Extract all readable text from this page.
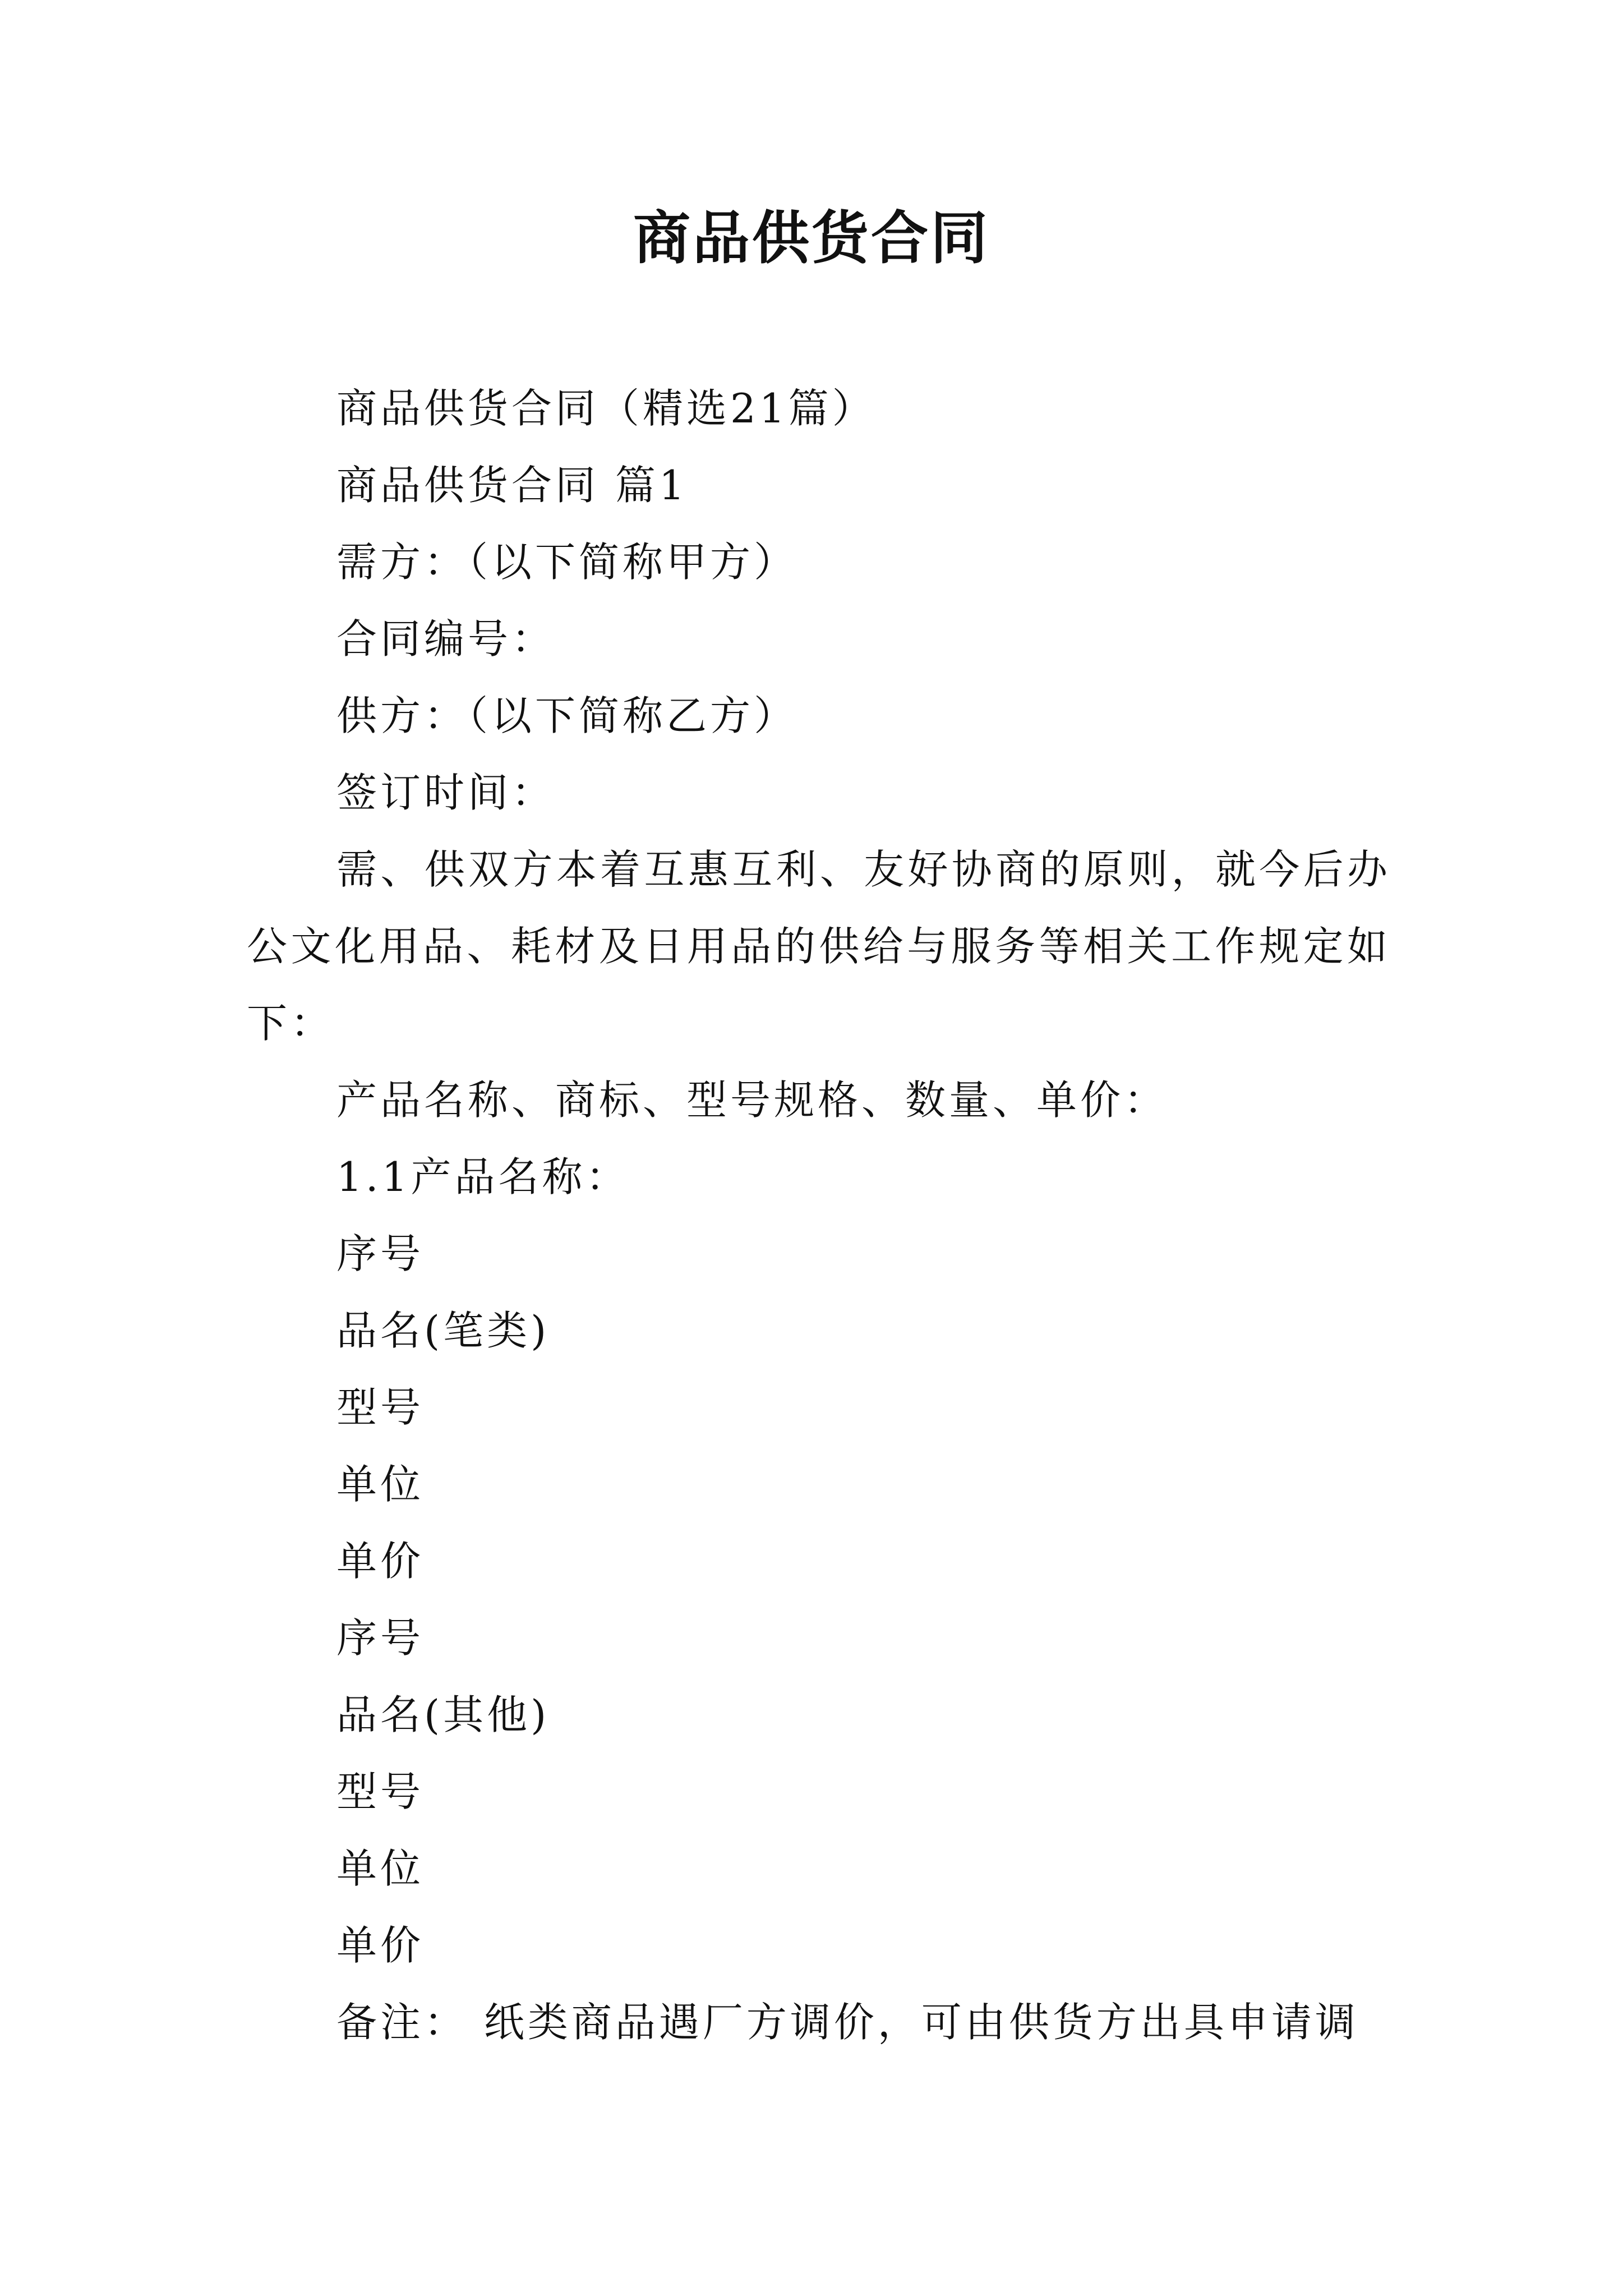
商品供货合同

商品供货合同（精选21篇）

商品供货合同 篇1

需方：（以下简称甲方）

合同编号：

供方：（以下简称乙方）

签订时间：

需、供双方本着互惠互利、友好协商的原则，就今后办公文化用品、耗材及日用品的供给与服务等相关工作规定如下：

产品名称、商标、型号规格、数量、单价：

1.1产品名称：

序号

品名(笔类)

型号

单位

单价

序号

品名(其他)

型号

单位

单价

备注： 纸类商品遇厂方调价，可由供货方出具申请调
